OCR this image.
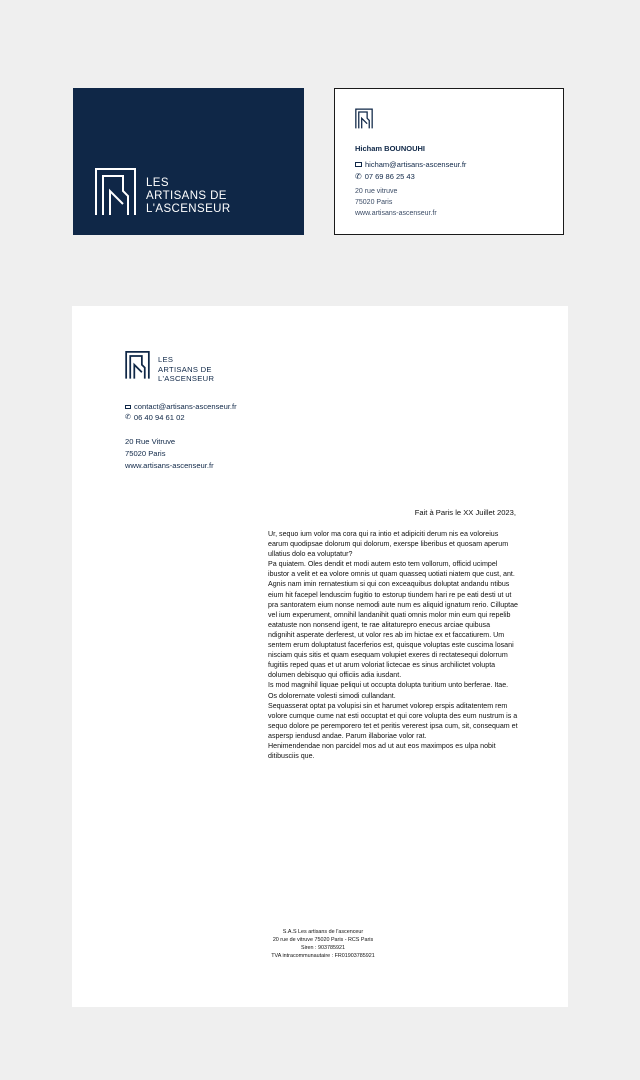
LES
ARTISANS DE
L'ASCENSEUR
Hicham BOUNOUHI
hicham@artisans-ascenseur.fr
✆ 07 69 86 25 43
20 rue vitruve
75020 Paris
www.artisans-ascenseur.fr
LES
ARTISANS DE
L'ASCENSEUR
contact@artisans-ascenseur.fr
✆ 06 40 94 61 02
20 Rue Vitruve
75020 Paris
www.artisans-ascenseur.fr
Fait à Paris le XX Juillet 2023,

Ur, sequo ium volor ma cora qui ra intio et adipiciti derum nis ea voloreius earum quodipsae dolorum qui dolorum, exerspe liberibus et quosam aperum ullatius dolo ea voluptatur?

Pa quiatem. Oles dendit et modi autem esto tem vollorum, officid ucimpel ibustor a velit et ea volore omnis ut quam quasseq uotiati niatem que cust, ant.

Agnis nam imin rernatestium si qui con exceaquibus doluptat andandu ntibus eium hit facepel lenduscim fugitio to estorup tiundem hari re pe eati desti ut ut pra santoratem eium nonse nemodi aute num es aliquid ignatum rerio. Cilluptae vel ium experument, omnihil landanihit quati omnis molor min eum qui repelib eatatuste non nonsend igent, te rae alitaturepro enecus arciae quibusa ndignihit asperate derferest, ut volor res ab im hictae ex et faccatiurem. Um sentem erum doluptatust facerferios est, quisque voluptas este cuscima losani nisciam quis sitis et quam esequam volupiet exeres di rectatesequi dolorrum fugitiis reped quas et ut arum voloriat lictecae es sinus archilictet volupta dolumen debisquo qui officiis adia iusdant.

Is mod magnihil liquae peliqui ut occupta dolupta turitium unto berferae. Itae. Os dolorernate volesti simodi cullandant.

Sequasserat optat pa volupisi sin et harumet volorep erspis aditatentem rem volore cumque cume nat esti occuptat et qui core volupta des eum nustrum is a sequo dolore pe peremporero tet et peritis vererest ipsa cum, sit, consequam et aspersp iendusd andae. Parum illaboriae volor rat.

Henimendendae non parcidel mos ad ut aut eos maximpos es ulpa nobit ditibusciis que.

S.A.S Les artisans de l'ascenceur
20 rue de vitruve 75020 Paris - RCS Paris
Siren : 903785921
TVA intracommunautaire : FR01903785921
